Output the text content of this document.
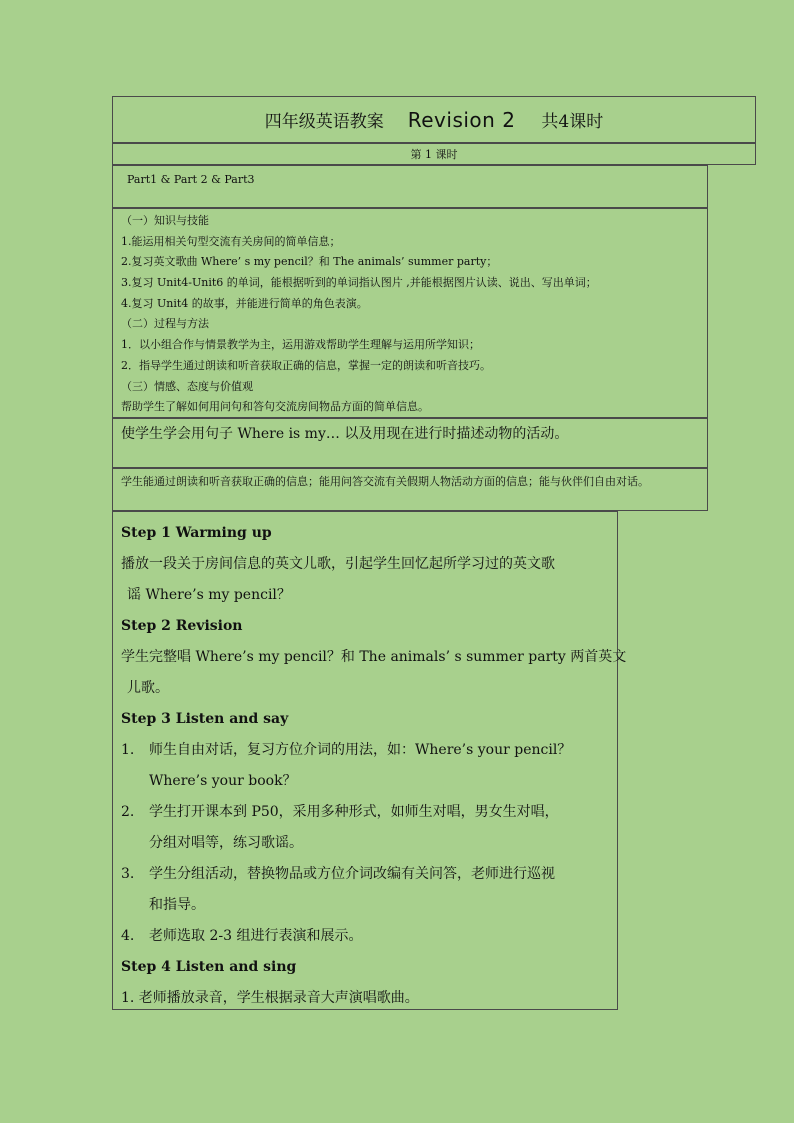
四年级英语教案 Revision 2 共4课时
第 1 课时
Part1 & Part 2 & Part3
（一）知识与技能
1.能运用相关句型交流有关房间的简单信息；
2.复习英文歌曲 Where’ s my pencil？和 The animals’ summer party；
3.复习 Unit4-Unit6 的单词，能根据听到的单词指认图片 ,并能根据图片认读、说出、写出单词；
4.复习 Unit4 的故事，并能进行简单的角色表演。
（二）过程与方法
1．以小组合作与情景教学为主，运用游戏帮助学生理解与运用所学知识；
2．指导学生通过朗读和听音获取正确的信息，掌握一定的朗读和听音技巧。
（三）情感、态度与价值观
帮助学生了解如何用问句和答句交流房间物品方面的简单信息。
使学生学会用句子 Where is my… 以及用现在进行时描述动物的活动。
学生能通过朗读和听音获取正确的信息；能用问答交流有关假期人物活动方面的信息；能与伙伴们自由对话。
Step 1 Warming up
播放一段关于房间信息的英文儿歌，引起学生回忆起所学习过的英文歌
谣 Where’s my pencil？
Step 2 Revision
学生完整唱 Where’s my pencil？和 The animals’ s summer party 两首英文
儿歌。
Step 3 Listen and say
1. 师生自由对话，复习方位介词的用法，如：Where’s your pencil？
Where’s your book？
2. 学生打开课本到 P50，采用多种形式，如师生对唱，男女生对唱，
分组对唱等，练习歌谣。
3. 学生分组活动，替换物品或方位介词改编有关问答，老师进行巡视
和指导。
4. 老师选取 2-3 组进行表演和展示。
Step 4 Listen and sing
1. 老师播放录音，学生根据录音大声演唱歌曲。
